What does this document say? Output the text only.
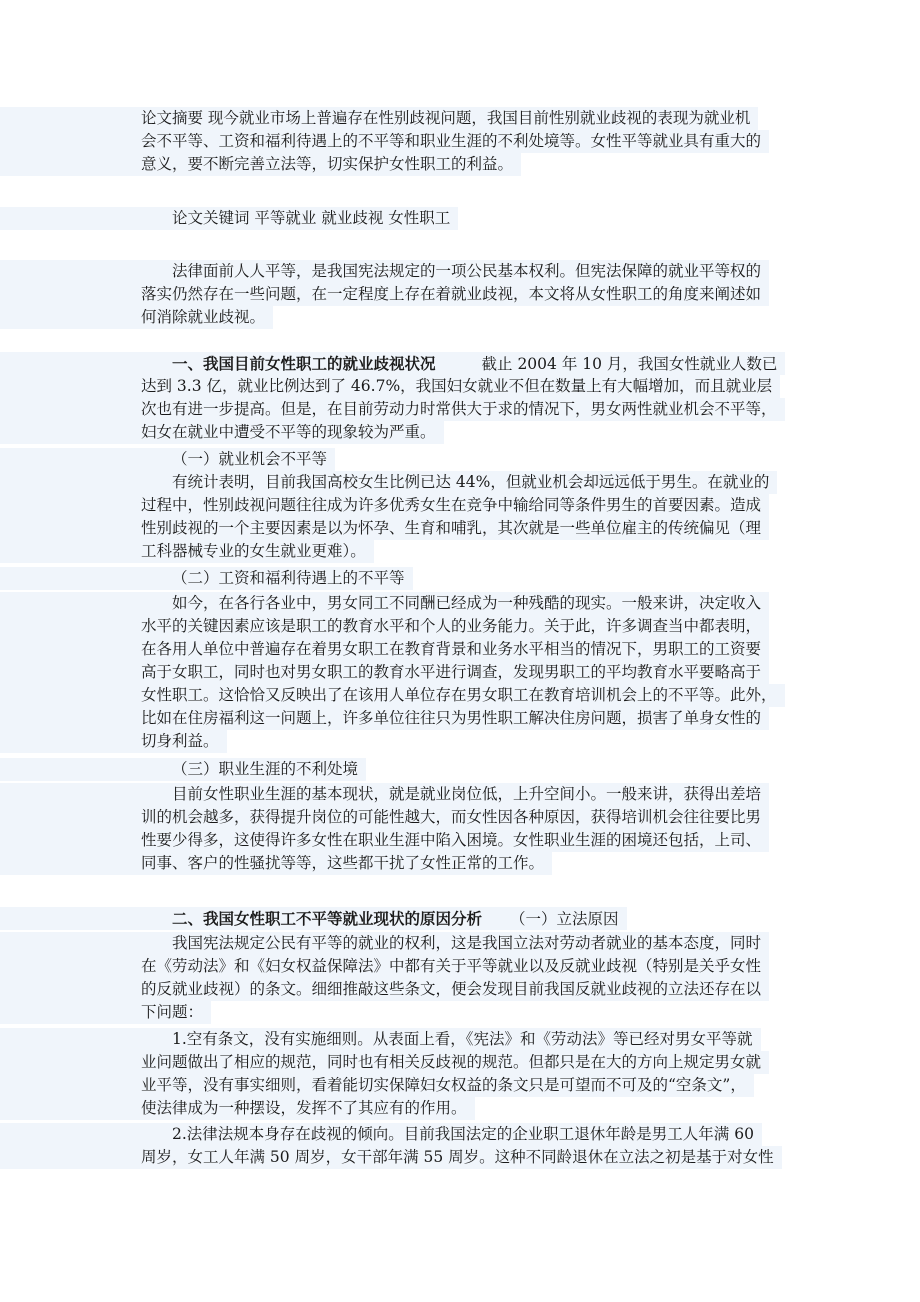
论文摘要 现今就业市场上普遍存在性别歧视问题，我国目前性别就业歧视的表现为就业机
会不平等、工资和福利待遇上的不平等和职业生涯的不利处境等。女性平等就业具有重大的
意义，要不断完善立法等，切实保护女性职工的利益。
论文关键词 平等就业 就业歧视 女性职工
法律面前人人平等，是我国宪法规定的一项公民基本权利。但宪法保障的就业平等权的
落实仍然存在一些问题，在一定程度上存在着就业歧视，本文将从女性职工的角度来阐述如
何消除就业歧视。
一、我国目前女性职工的就业歧视状况	截止 2004 年 10 月，我国女性就业人数已
达到 3.3 亿，就业比例达到了 46.7%，我国妇女就业不但在数量上有大幅增加，而且就业层
次也有进一步提高。但是，在目前劳动力时常供大于求的情况下，男女两性就业机会不平等，
妇女在就业中遭受不平等的现象较为严重。
（一）就业机会不平等
有统计表明，目前我国高校女生比例已达 44%，但就业机会却远远低于男生。在就业的
过程中，性别歧视问题往往成为许多优秀女生在竞争中输给同等条件男生的首要因素。造成
性别歧视的一个主要因素是以为怀孕、生育和哺乳，其次就是一些单位雇主的传统偏见（理
工科器械专业的女生就业更难）。
（二）工资和福利待遇上的不平等
如今，在各行各业中，男女同工不同酬已经成为一种残酷的现实。一般来讲，决定收入
水平的关键因素应该是职工的教育水平和个人的业务能力。关于此，许多调查当中都表明，
在各用人单位中普遍存在着男女职工在教育背景和业务水平相当的情况下，男职工的工资要
高于女职工，同时也对男女职工的教育水平进行调查，发现男职工的平均教育水平要略高于
女性职工。这恰恰又反映出了在该用人单位存在男女职工在教育培训机会上的不平等。此外，
比如在住房福利这一问题上，许多单位往往只为男性职工解决住房问题，损害了单身女性的
切身利益。
（三）职业生涯的不利处境
目前女性职业生涯的基本现状，就是就业岗位低，上升空间小。一般来讲，获得出差培
训的机会越多，获得提升岗位的可能性越大，而女性因各种原因，获得培训机会往往要比男
性要少得多，这使得许多女性在职业生涯中陷入困境。女性职业生涯的困境还包括，上司、
同事、客户的性骚扰等等，这些都干扰了女性正常的工作。
二、我国女性职工不平等就业现状的原因分析 （一）立法原因
我国宪法规定公民有平等的就业的权利，这是我国立法对劳动者就业的基本态度，同时
在《劳动法》和《妇女权益保障法》中都有关于平等就业以及反就业歧视（特别是关乎女性
的反就业歧视）的条文。细细推敲这些条文，便会发现目前我国反就业歧视的立法还存在以
下问题：
1.空有条文，没有实施细则。从表面上看，《宪法》和《劳动法》等已经对男女平等就
业问题做出了相应的规范，同时也有相关反歧视的规范。但都只是在大的方向上规定男女就
业平等，没有事实细则，看着能切实保障妇女权益的条文只是可望而不可及的“空条文”，
使法律成为一种摆设，发挥不了其应有的作用。
2.法律法规本身存在歧视的倾向。目前我国法定的企业职工退休年龄是男工人年满 60
周岁，女工人年满 50 周岁，女干部年满 55 周岁。这种不同龄退休在立法之初是基于对女性
